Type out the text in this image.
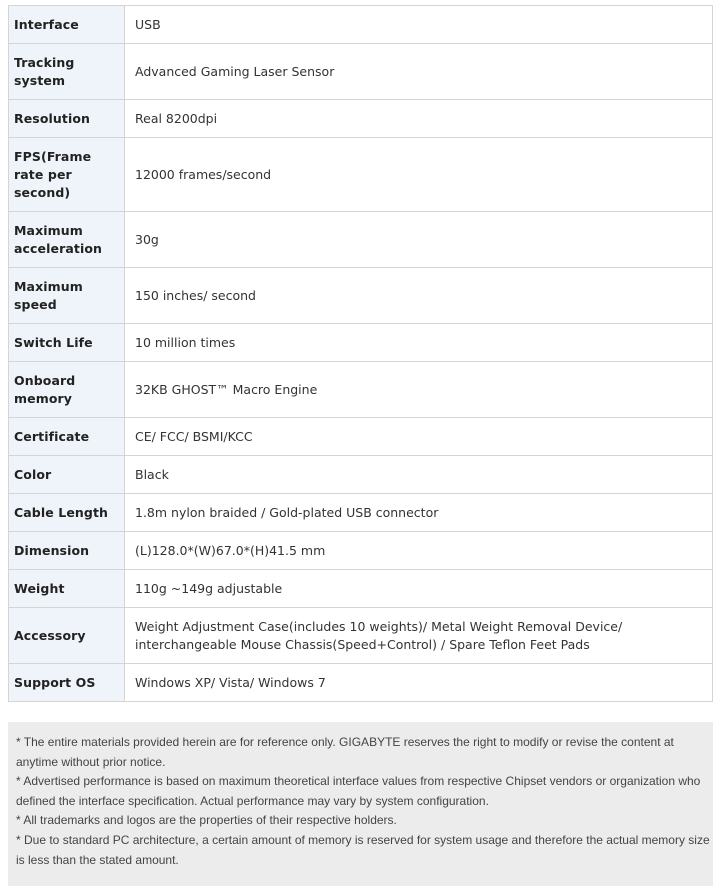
Interface	USB
Tracking system	Advanced Gaming Laser Sensor
Resolution	Real 8200dpi
FPS(Frame rate per second)	12000 frames/second
Maximum acceleration	30g
Maximum speed	150 inches/ second
Switch Life	10 million times
Onboard memory	32KB GHOST™ Macro Engine
Certificate	CE/ FCC/ BSMI/KCC
Color	Black
Cable Length	1.8m nylon braided / Gold-plated USB connector
Dimension	(L)128.0*(W)67.0*(H)41.5 mm
Weight	110g ~149g adjustable
Accessory	Weight Adjustment Case(includes 10 weights)/ Metal Weight Removal Device/ interchangeable Mouse Chassis(Speed+Control) / Spare Teflon Feet Pads
Support OS	Windows XP/ Vista/ Windows 7

* The entire materials provided herein are for reference only. GIGABYTE reserves the right to modify or revise the content at anytime without prior notice.

* Advertised performance is based on maximum theoretical interface values from respective Chipset vendors or organization who defined the interface specification. Actual performance may vary by system configuration.

* All trademarks and logos are the properties of their respective holders.

* Due to standard PC architecture, a certain amount of memory is reserved for system usage and therefore the actual memory size is less than the stated amount.
